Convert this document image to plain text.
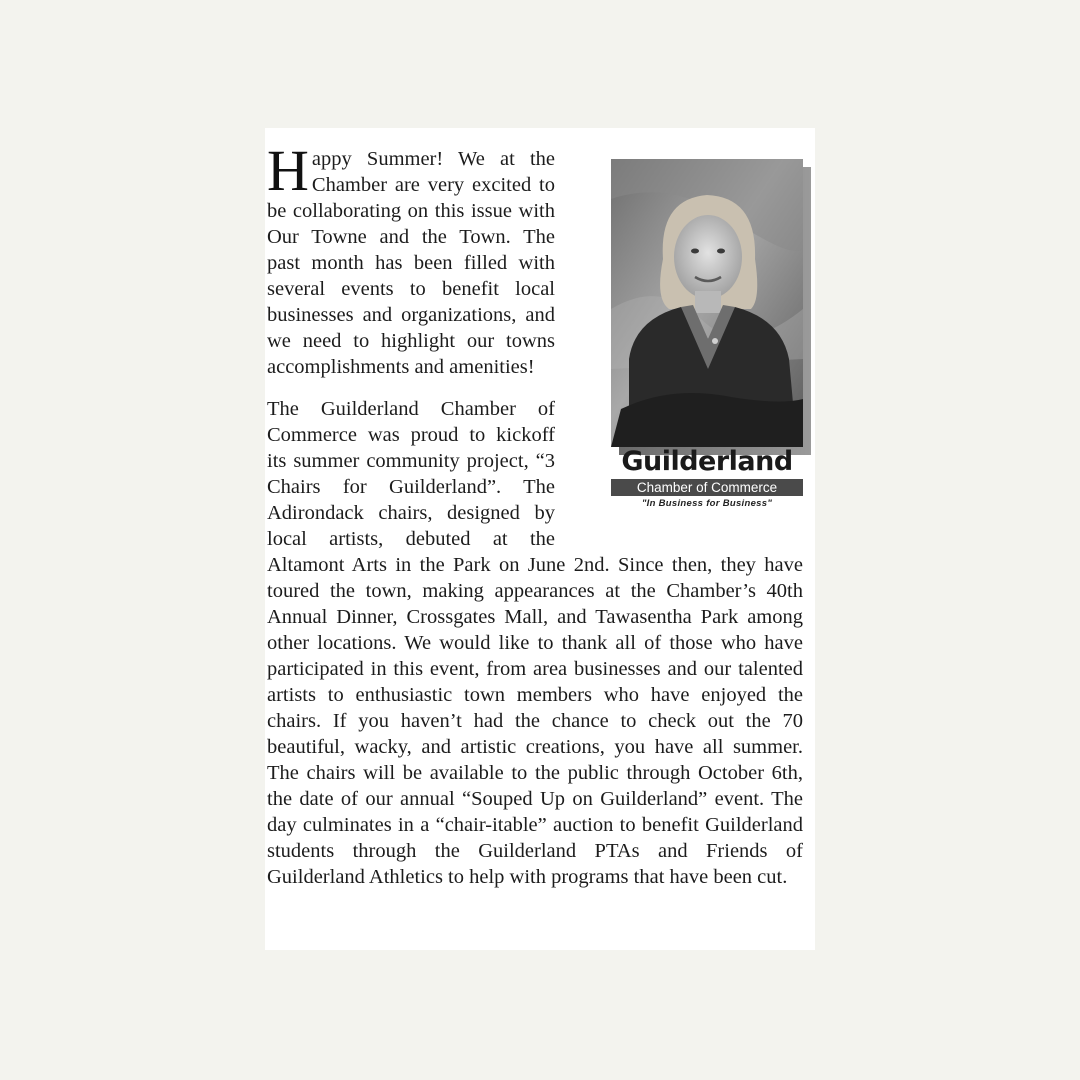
Guilderland
Chamber of Commerce
"In Business for Business"

Happy Summer! We at the Chamber are very excited to be collaborating on this issue with Our Towne and the Town. The past month has been filled with several events to benefit local businesses and organizations, and we need to highlight our towns accomplishments and amenities!

The Guilderland Chamber of Commerce was proud to kickoff its summer community project, “3 Chairs for Guilderland”. The Adirondack chairs, designed by local artists, debuted at the Altamont Arts in the Park on June 2nd. Since then, they have toured the town, making appearances at the Chamber’s 40th Annual Dinner, Crossgates Mall, and Tawasentha Park among other locations. We would like to thank all of those who have participated in this event, from area businesses and our talented artists to enthusiastic town members who have enjoyed the chairs. If you haven’t had the chance to check out the 70 beautiful, wacky, and artistic creations, you have all summer. The chairs will be available to the public through October 6th, the date of our annual “Souped Up on Guilderland” event. The day culminates in a “chair-itable” auction to benefit Guilderland students through the Guilderland PTAs and Friends of Guilderland Athletics to help with programs that have been cut.
